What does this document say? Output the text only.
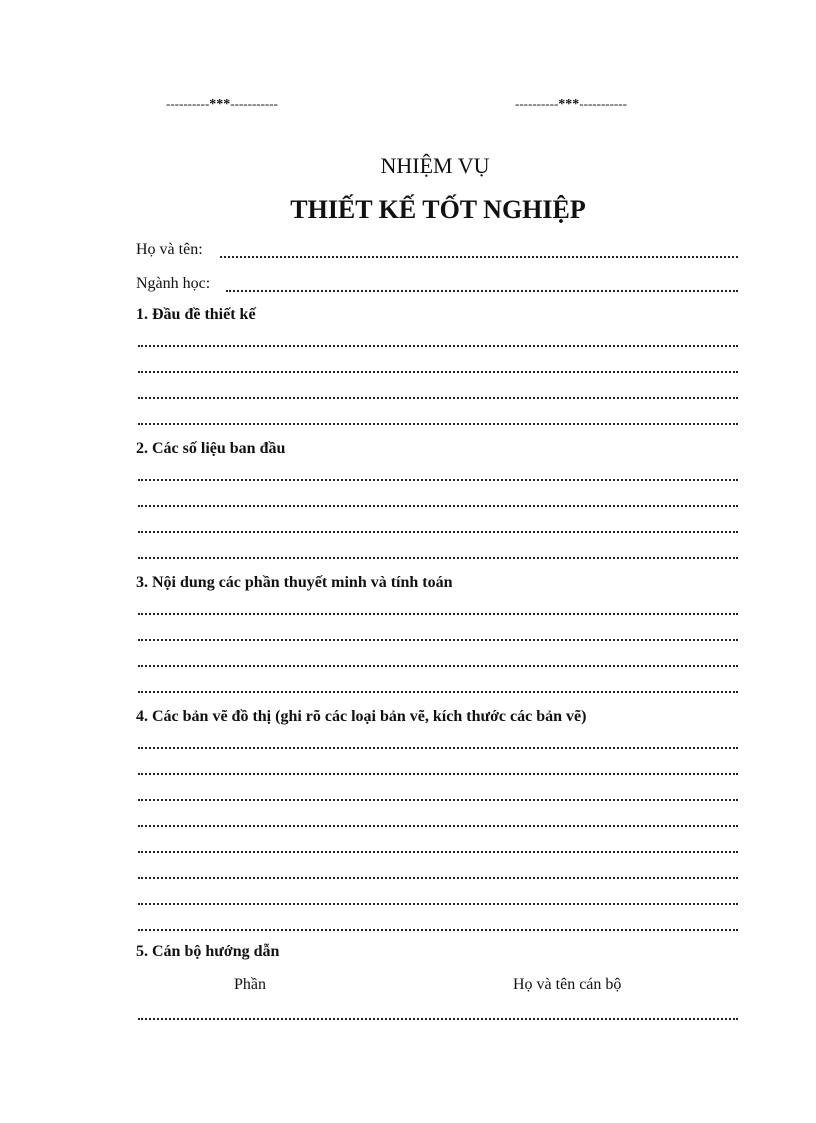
----------***-----------	----------***-----------
NHIỆM VỤ
THIẾT KẾ TỐT NGHIỆP
Họ và tên:
Ngành học:
1. Đầu đề thiết kế
2. Các số liệu ban đầu
3. Nội dung các phần thuyết minh và tính toán
4. Các bản vẽ đồ thị (ghi rõ các loại bản vẽ, kích thước các bản vẽ)
5. Cán bộ hướng dẫn
Phần	Họ và tên cán bộ
